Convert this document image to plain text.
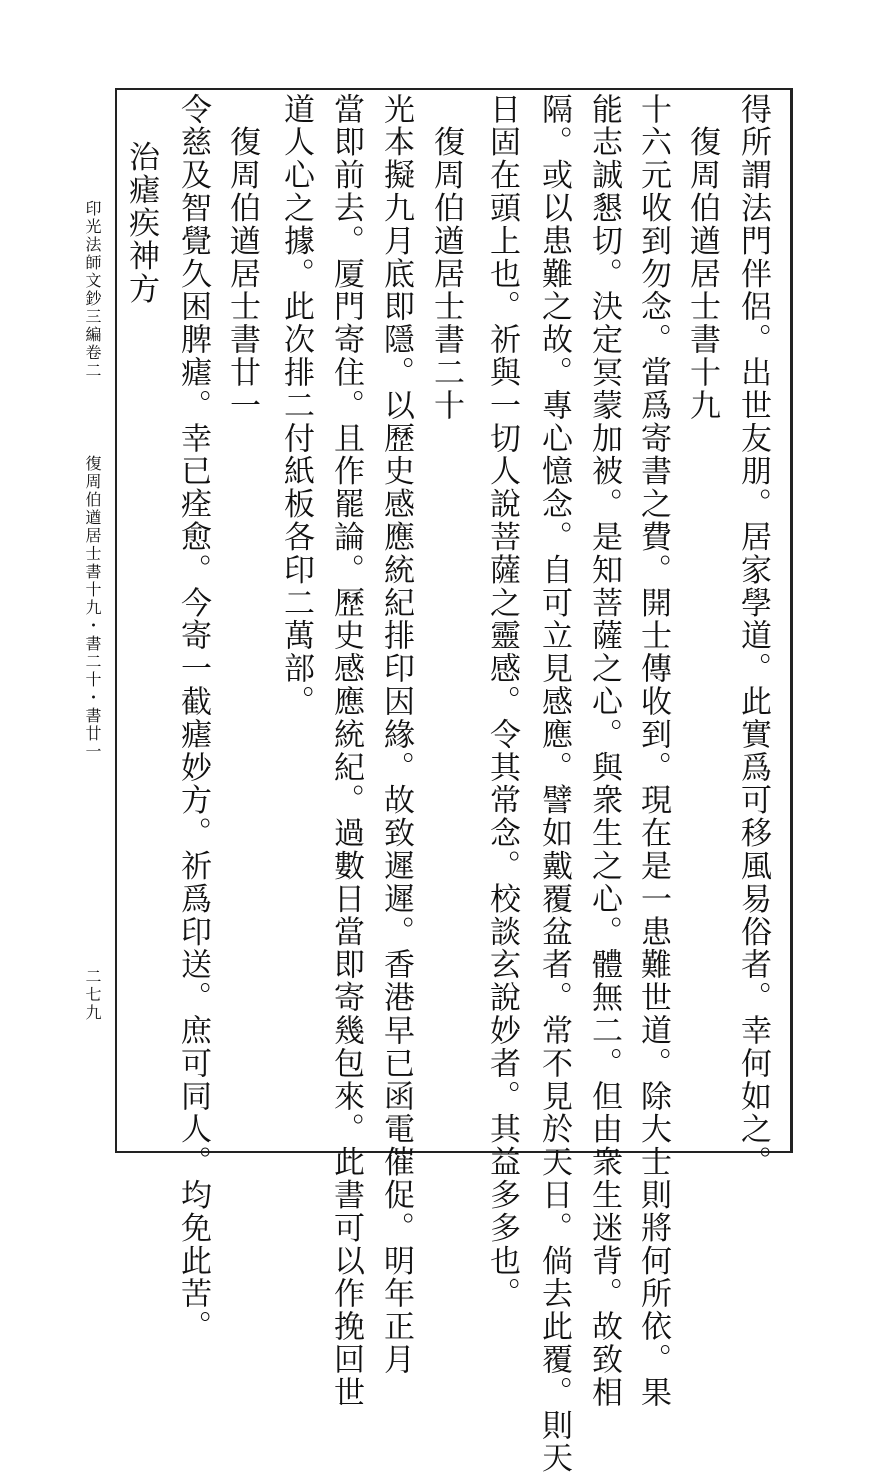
得所謂法門伴侶。出世友朋。居家學道。此實爲可移風易俗者。幸何如之。
　復周伯遒居士書十九
十六元收到勿念。當爲寄書之費。開士傳收到。現在是一患難世道。除大士則將何所依。果
能志誠懇切。決定冥蒙加被。是知菩薩之心。與衆生之心。體無二。但由衆生迷背。故致相
隔。或以患難之故。專心憶念。自可立見感應。譬如戴覆盆者。常不見於天日。倘去此覆。則天
日固在頭上也。祈與一切人說菩薩之靈感。令其常念。校談玄說妙者。其益多多也。
　復周伯遒居士書二十
光本擬九月底即隱。以歷史感應統紀排印因緣。故致遲遲。香港早已函電催促。明年正月
當即前去。厦門寄住。且作罷論。歷史感應統紀。過數日當即寄幾包來。此書可以作挽回世
道人心之據。此次排二付紙板各印二萬部。
　復周伯遒居士書廿一
令慈及智覺久困脾瘧。幸已痊愈。今寄一截瘧妙方。祈爲印送。庶可同人。均免此苦。
　治瘧疾神方
印光法師文鈔三編卷二
復周伯遒居士書十九・書二十・書廿一
二七九
